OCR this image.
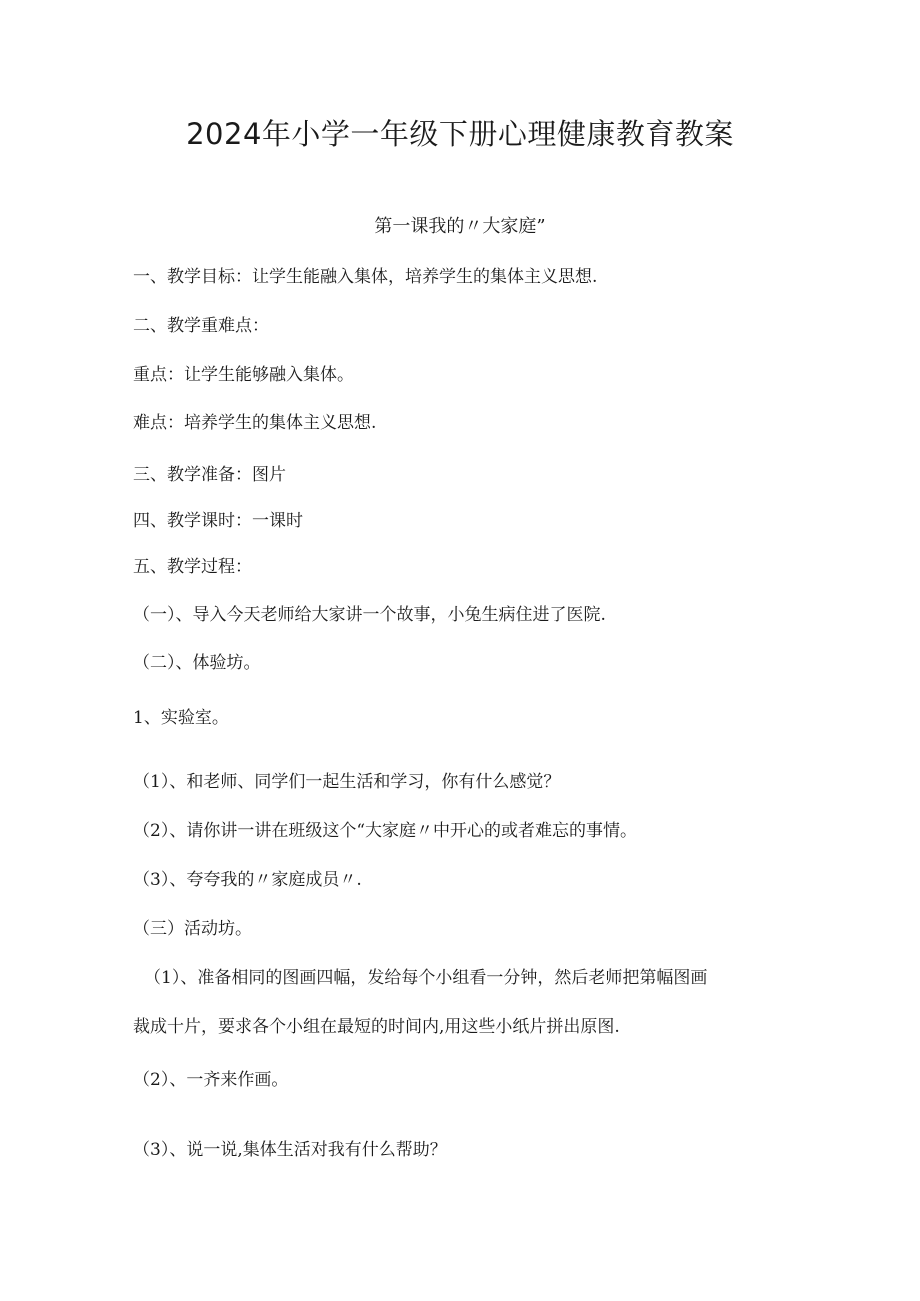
2024年小学一年级下册心理健康教育教案
第一课我的〃大家庭”

一、教学目标：让学生能融入集体，培养学生的集体主义思想.

二、教学重难点：

重点：让学生能够融入集体。

难点：培养学生的集体主义思想.

三、教学准备：图片

四、教学课时：一课时

五、教学过程：

（一）、导入今天老师给大家讲一个故事，小兔生病住进了医院.

（二）、体验坊。

1、实验室。

（1）、和老师、同学们一起生活和学习，你有什么感觉？

（2）、请你讲一讲在班级这个“大家庭〃中开心的或者难忘的事情。

（3）、夸夸我的〃家庭成员〃.

（三）活动坊。

（1）、准备相同的图画四幅，发给每个小组看一分钟，然后老师把第幅图画

裁成十片，要求各个小组在最短的时间内,用这些小纸片拼出原图.

（2）、一齐来作画。

（3）、说一说,集体生活对我有什么帮助？
